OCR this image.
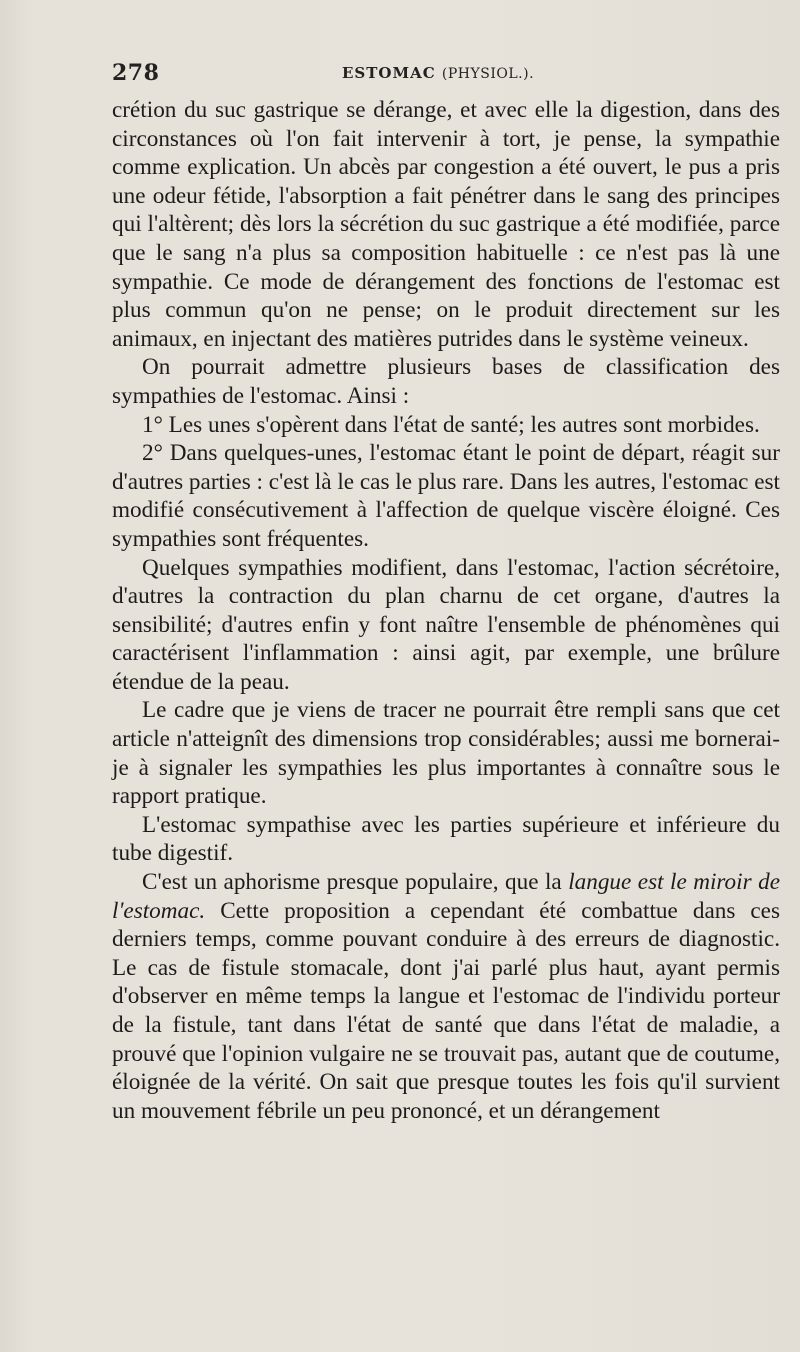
278	ESTOMAC (PHYSIOL.).

crétion du suc gastrique se dérange, et avec elle la digestion, dans des circonstances où l'on fait intervenir à tort, je pense, la sympathie comme explication. Un abcès par congestion a été ouvert, le pus a pris une odeur fétide, l'absorption a fait pénétrer dans le sang des principes qui l'altèrent; dès lors la sécrétion du suc gastrique a été modifiée, parce que le sang n'a plus sa composition habituelle : ce n'est pas là une sympathie. Ce mode de dérangement des fonctions de l'estomac est plus commun qu'on ne pense; on le produit directement sur les animaux, en injectant des matières putrides dans le système veineux.

On pourrait admettre plusieurs bases de classification des sympathies de l'estomac. Ainsi :

1° Les unes s'opèrent dans l'état de santé; les autres sont morbides.

2° Dans quelques-unes, l'estomac étant le point de départ, réagit sur d'autres parties : c'est là le cas le plus rare. Dans les autres, l'estomac est modifié consécutivement à l'affection de quelque viscère éloigné. Ces sympathies sont fréquentes.

Quelques sympathies modifient, dans l'estomac, l'action sécrétoire, d'autres la contraction du plan charnu de cet organe, d'autres la sensibilité; d'autres enfin y font naître l'ensemble de phénomènes qui caractérisent l'inflammation : ainsi agit, par exemple, une brûlure étendue de la peau.

Le cadre que je viens de tracer ne pourrait être rempli sans que cet article n'atteignît des dimensions trop considérables; aussi me bornerai-je à signaler les sympathies les plus importantes à connaître sous le rapport pratique.

L'estomac sympathise avec les parties supérieure et inférieure du tube digestif.

C'est un aphorisme presque populaire, que la langue est le miroir de l'estomac. Cette proposition a cependant été combattue dans ces derniers temps, comme pouvant conduire à des erreurs de diagnostic. Le cas de fistule stomacale, dont j'ai parlé plus haut, ayant permis d'observer en même temps la langue et l'estomac de l'individu porteur de la fistule, tant dans l'état de santé que dans l'état de maladie, a prouvé que l'opinion vulgaire ne se trouvait pas, autant que de coutume, éloignée de la vérité. On sait que presque toutes les fois qu'il survient un mouvement fébrile un peu prononcé, et un dérangement
